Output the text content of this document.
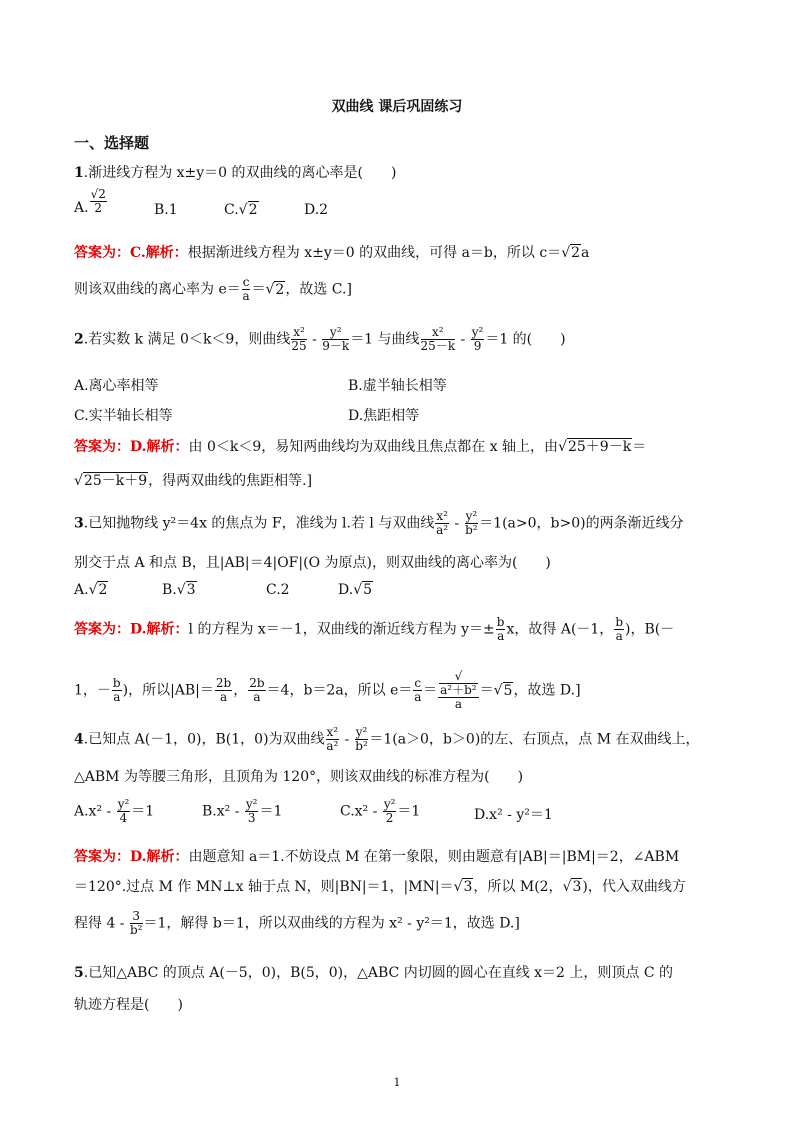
双曲线 课后巩固练习
一、选择题
1.渐进线方程为 x±y＝0 的双曲线的离心率是(　　)
A. $\frac{√2}{2}$	B.1	C.√2	D.2
答案为：C.解析：根据渐进线方程为 x±y＝0 的双曲线，可得 a＝b，所以 c＝√2a
则该双曲线的离心率为 $e= \frac{c}{a} =√2$，故选 C.]
2.若实数 k 满足 0＜k＜9，则曲线 $\frac{\text{x²}}{25} - \frac{\text{y²}}{9-k} =1$ 与曲线 $\frac{\text{x²}}{25-k} - \frac{\text{y²}}{9} =1$ 的(　　)
A.离心率相等	B.虚半轴长相等
C.实半轴长相等	D.焦距相等
答案为：D.解析：由 0＜k＜9，易知两曲线均为双曲线且焦点都在 x 轴上，由√25＋9－k＝
√25－k＋9，得两双曲线的焦距相等.]
3.已知抛物线 y²＝4x 的焦点为 F，准线为 l.若 l 与双曲线 $\frac{\text{x²}}{\text{a²}} - \frac{\text{y²}}{\text{b²}} =1(a>0$，b>0)的两条渐近线分
别交于点 A 和点 B，且|AB|＝4|OF|(O 为原点)，则双曲线的离心率为(　　)
A.√2	B.√3	C.2	D.√5
答案为：D.解析：l 的方程为 x＝－1，双曲线的渐近线方程为 $y=\pm \frac{b}{a}$ x，故得 A(－1， $\frac{b}{a}$ )，B(－
1，－ $\frac{b}{a}$ )，所以$|AB|= \frac{2b}{a}$ ， $\frac{2b}{a} =4$，b＝2a，所以 $e= \frac{c}{a}$ ＝ √
a²＋b²
a ＝√5，故选 D.]
4.已知点 A(－1，0)，B(1，0)为双曲线 $\frac{\text{x²}}{\text{a²}} - \frac{\text{y²}}{\text{b²}} =1(a>0$，b＞0)的左、右顶点，点 M 在双曲线上，
△ABM 为等腰三角形，且顶角为 120°，则该双曲线的标准方程为(　　)
$A.x^2 - \frac{\text{y²}}{4} =1$	$B.x^2 - \frac{\text{y²}}{3} =1$	$C.x^2 - \frac{\text{y²}}{2} =1$	D.x² - y²＝1
答案为：D.解析：由题意知 a＝1.不妨设点 M 在第一象限，则由题意有|AB|＝|BM|＝2，∠ABM
＝120°.过点 M 作 MN⊥x 轴于点 N，则|BN|＝1，|MN|＝√3，所以 M(2，√3)，代入双曲线方
程得 $4 - \frac{3}{\text{b²}} =1$，解得 b＝1，所以双曲线的方程为 x² - y²＝1，故选 D.]
5.已知△ABC 的顶点 A(－5，0)，B(5，0)，△ABC 内切圆的圆心在直线 x＝2 上，则顶点 C 的
轨迹方程是(　　)
1
